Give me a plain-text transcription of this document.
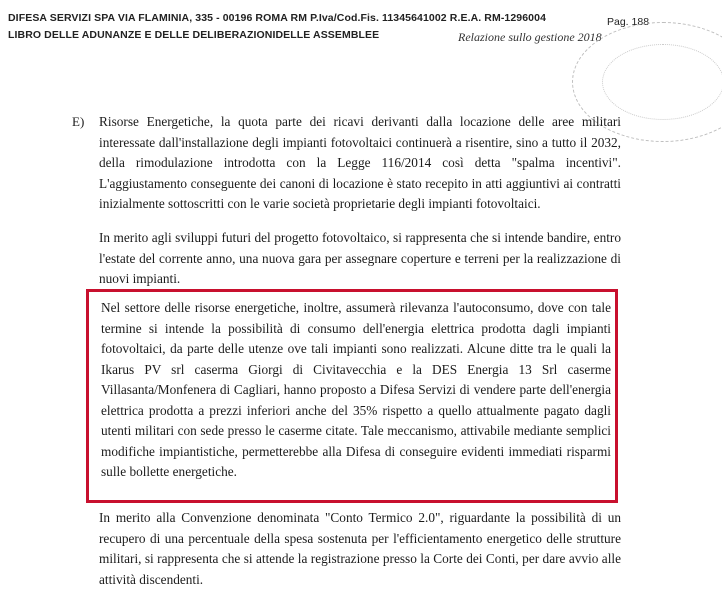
DIFESA SERVIZI SPA VIA FLAMINIA, 335 - 00196 ROMA RM P.Iva/Cod.Fis. 11345641002 R.E.A. RM-1296004
LIBRO DELLE ADUNANZE E DELLE DELIBERAZIONIDELLE ASSEMBLEE
Pag. 188
Relazione sullo gestione 2018
E) Risorse Energetiche, la quota parte dei ricavi derivanti dalla locazione delle aree militari interessate dall'installazione degli impianti fotovoltaici continuerà a risentire, sino a tutto il 2032, della rimodulazione introdotta con la Legge 116/2014 così detta "spalma incentivi". L'aggiustamento conseguente dei canoni di locazione è stato recepito in atti aggiuntivi ai contratti inizialmente sottoscritti con le varie società proprietarie degli impianti fotovoltaici.

In merito agli sviluppi futuri del progetto fotovoltaico, si rappresenta che si intende bandire, entro l'estate del corrente anno, una nuova gara per assegnare coperture e terreni per la realizzazione di nuovi impianti.

Nel settore delle risorse energetiche, inoltre, assumerà rilevanza l'autoconsumo, dove con tale termine si intende la possibilità di consumo dell'energia elettrica prodotta dagli impianti fotovoltaici, da parte delle utenze ove tali impianti sono realizzati. Alcune ditte tra le quali la Ikarus PV srl caserma Giorgi di Civitavecchia e la DES Energia 13 Srl caserme Villasanta/Monfenera di Cagliari, hanno proposto a Difesa Servizi di vendere parte dell'energia elettrica prodotta a prezzi inferiori anche del 35% rispetto a quello attualmente pagato dagli utenti militari con sede presso le caserme citate. Tale meccanismo, attivabile mediante semplici modifiche impiantistiche, permetterebbe alla Difesa di conseguire evidenti immediati risparmi sulle bollette energetiche.

In merito alla Convenzione denominata "Conto Termico 2.0", riguardante la possibilità di un recupero di una percentuale della spesa sostenuta per l'efficientamento energetico delle strutture militari, si rappresenta che si attende la registrazione presso la Corte dei Conti, per dare avvio alle attività discendenti.
